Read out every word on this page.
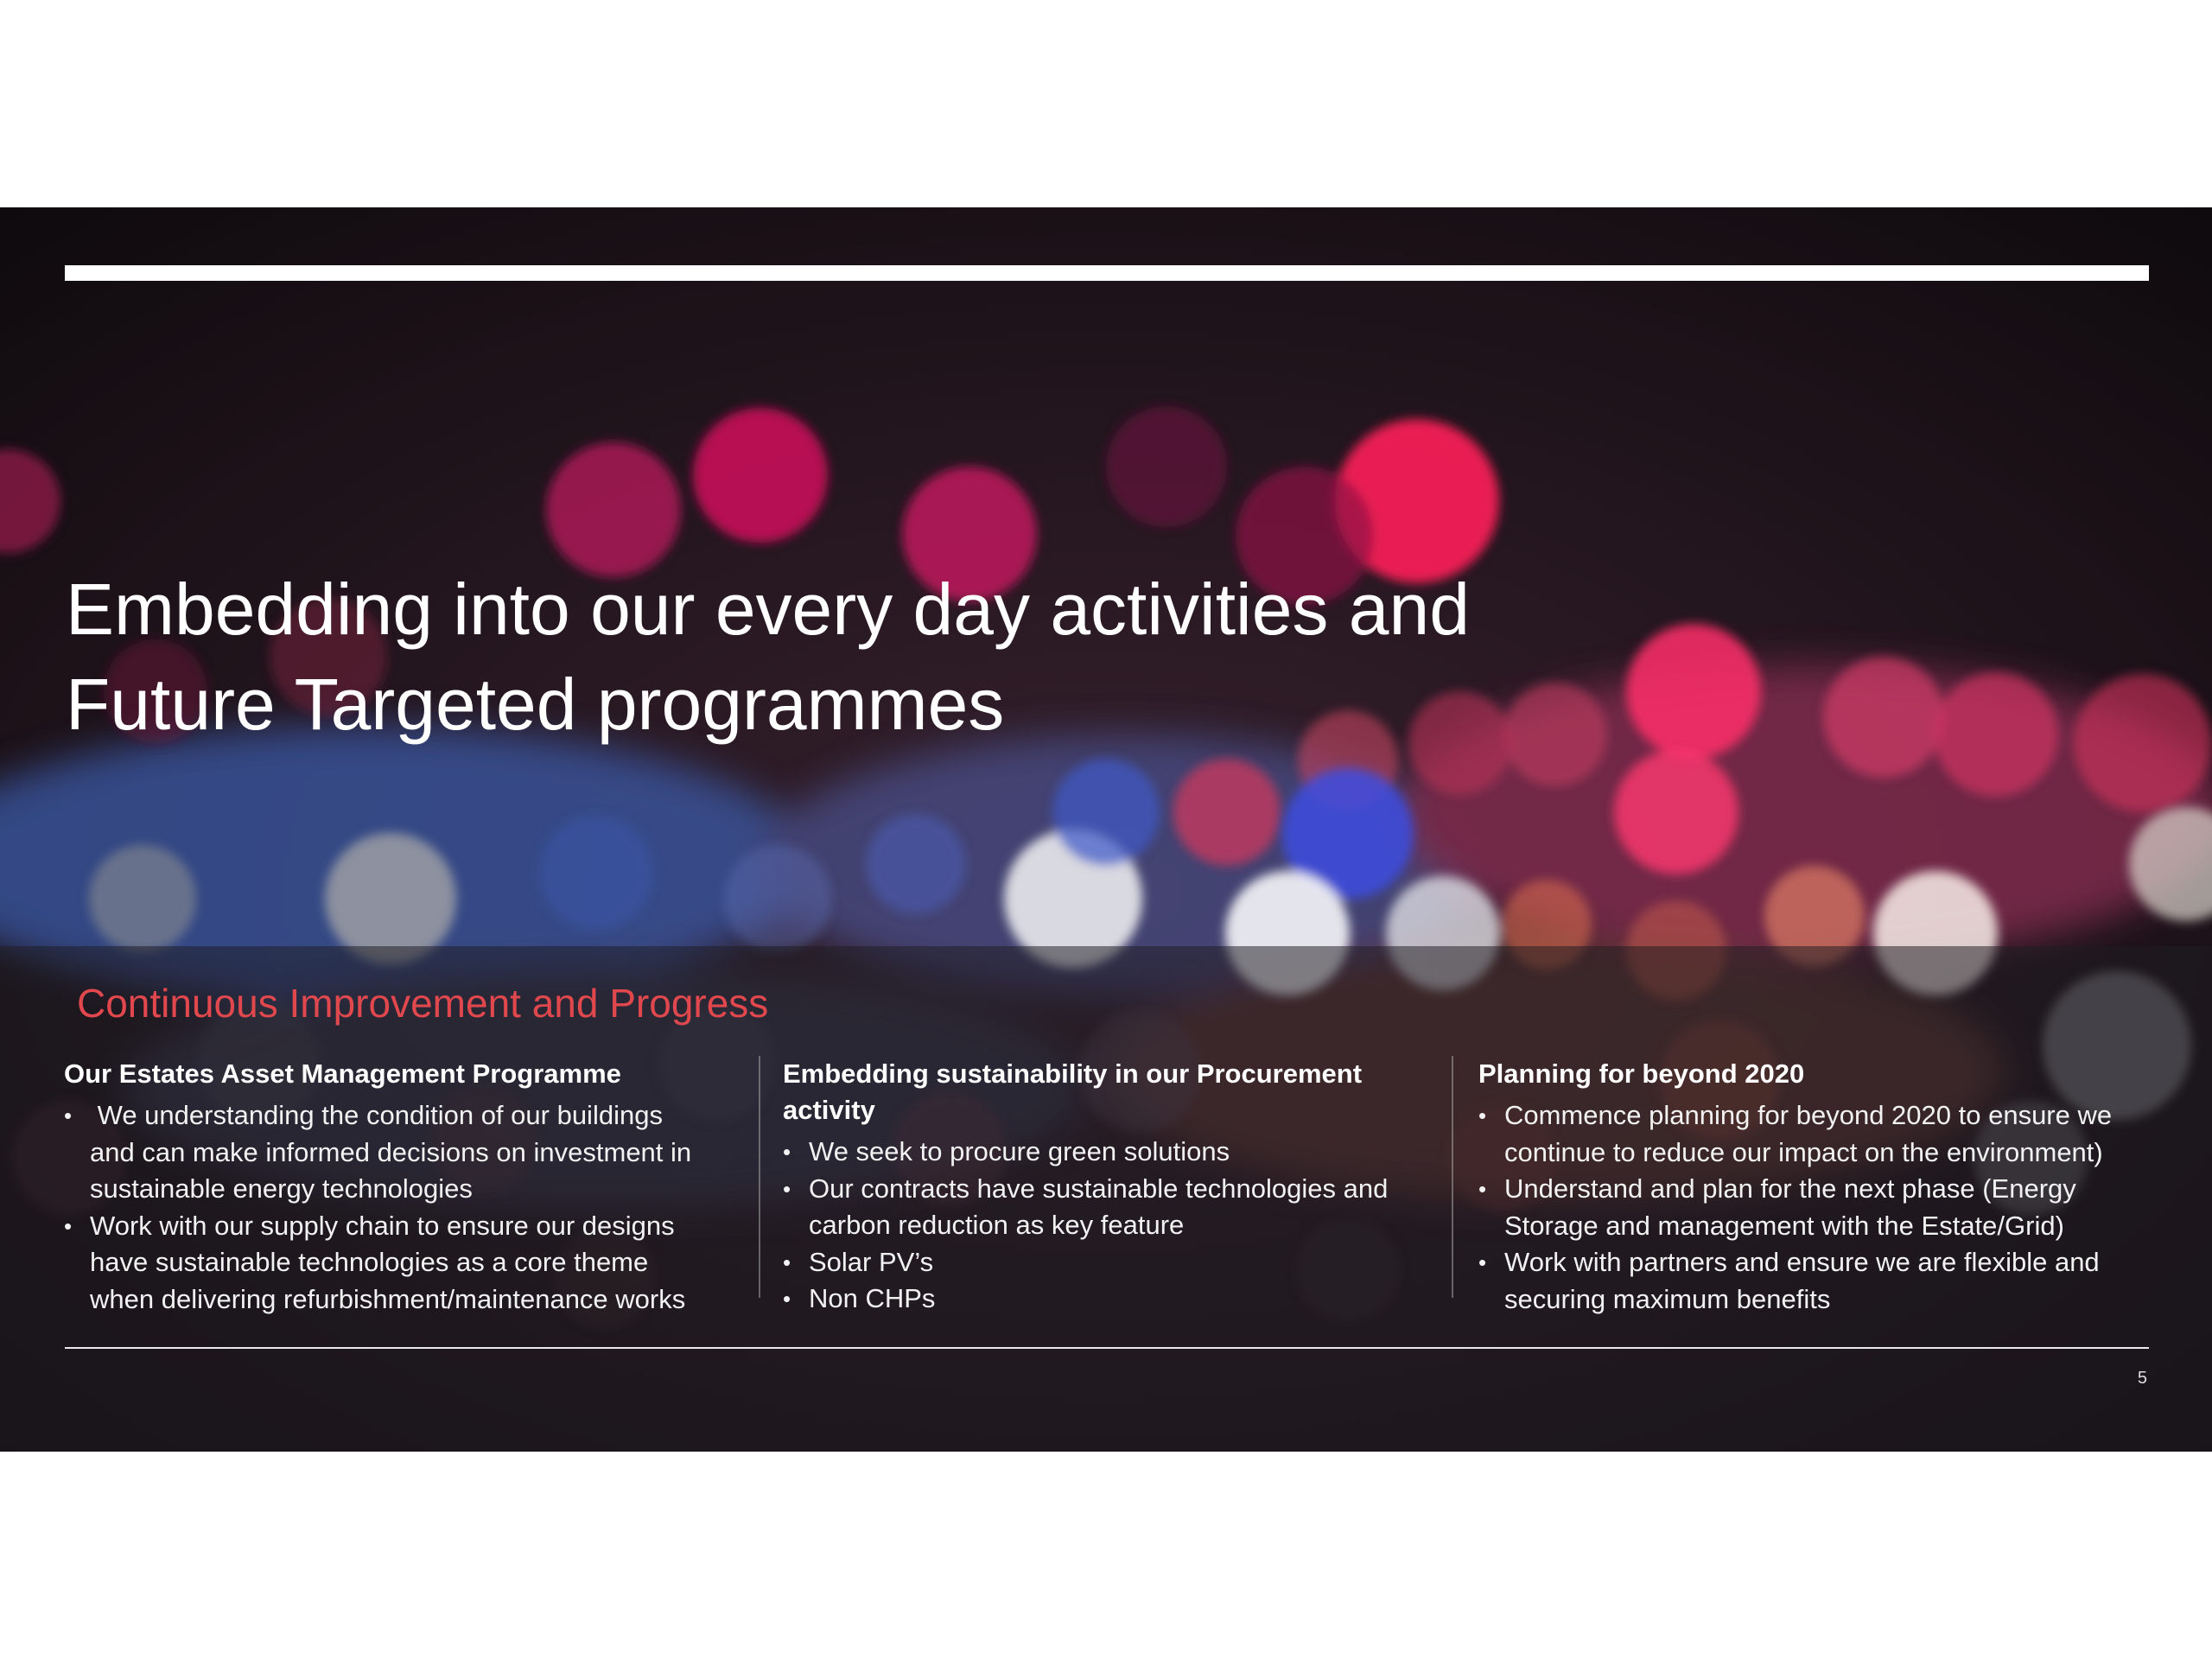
Embedding into our every day activities and
Future Targeted programmes
Continuous Improvement and Progress
Our Estates Asset Management Programme
• We understanding the condition of our buildings and can make informed decisions on investment in sustainable energy technologies
• Work with our supply chain to ensure our designs have sustainable technologies as a core theme when delivering refurbishment/maintenance works
Embedding sustainability in our Procurement activity
• We seek to procure green solutions
• Our contracts have sustainable technologies and carbon reduction as key feature
• Solar PV’s
• Non CHPs
Planning for beyond 2020
• Commence planning for beyond 2020 to ensure we continue to reduce our impact on the environment)
• Understand and plan for the next phase (Energy Storage and management with the Estate/Grid)
• Work with partners and ensure we are flexible and securing maximum benefits
5
